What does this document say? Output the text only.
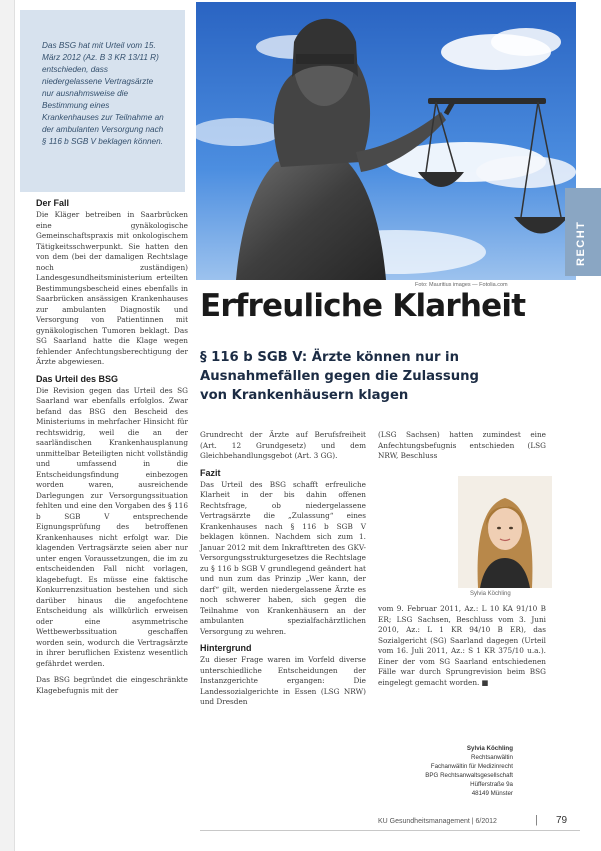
Das BSG hat mit Urteil vom 15. März 2012 (Az. B 3 KR 13/11 R) entschieden, dass niedergelassene Vertragsärzte nur ausnahmsweise die Bestimmung eines Krankenhauses zur Teilnahme an der ambulanten Versorgung nach § 116 b SGB V beklagen können.

Der Fall

Die Kläger betreiben in Saarbrücken eine gynäkologische Gemeinschaftspraxis mit onkologischem Tätigkeitsschwerpunkt. Sie hatten den von dem (bei der damaligen Rechtslage noch zuständigen) Landesgesundheitsministerium erteilten Bestimmungsbescheid eines ebenfalls in Saarbrücken ansässigen Krankenhauses zur ambulanten Diagnostik und Versorgung von Patientinnen mit gynäkologischen Tumoren beklagt. Das SG Saarland hatte die Klage wegen fehlender Anfechtungsberechtigung der Ärzte abgewiesen.

Das Urteil des BSG

Die Revision gegen das Urteil des SG Saarland war ebenfalls erfolglos. Zwar befand das BSG den Bescheid des Ministeriums in mehrfacher Hinsicht für rechtswidrig, weil die an der saarländischen Krankenhausplanung unmittelbar Beteiligten nicht vollständig und umfassend in die Entscheidungsfindung einbezogen worden waren, ausreichende Darlegungen zur Versorgungssituation fehlten und eine den Vorgaben des § 116 b SGB V entsprechende Eignungsprüfung des betroffenen Krankenhauses nicht erfolgt war. Die klagenden Vertragsärzte seien aber nur unter engen Voraussetzungen, die im zu entscheidenden Fall nicht vorlagen, klagebefugt. Es müsse eine faktische Konkurrenzsituation bestehen und sich darüber hinaus die angefochtene Entscheidung als willkürlich erweisen oder eine asymmetrische Wettbewerbssituation geschaffen worden sein, wodurch die Vertragsärzte in ihrer beruflichen Existenz wesentlich gefährdet werden.

Das BSG begründet die eingeschränkte Klagebefugnis mit der

Foto: Mauritius images — Fotolia.com
RECHT
Erfreuliche Klarheit
§ 116 b SGB V: Ärzte können nur in Ausnahmefällen gegen die Zulassung von Krankenhäusern klagen

Grundrecht der Ärzte auf Berufsfreiheit (Art. 12 Grundgesetz) und dem Gleichbehandlungsgebot (Art. 3 GG).

Fazit

Das Urteil des BSG schafft erfreuliche Klarheit in der bis dahin offenen Rechtsfrage, ob niedergelassene Vertragsärzte die „Zulassung“ eines Krankenhauses nach § 116 b SGB V beklagen können. Nachdem sich zum 1. Januar 2012 mit dem Inkrafttreten des GKV-Versorgungsstrukturgesetzes die Rechtslage zu § 116 b SGB V grundlegend geändert hat und nun zum das Prinzip „Wer kann, der darf“ gilt, werden niedergelassene Ärzte es noch schwerer haben, sich gegen die Teilnahme von Krankenhäusern an der ambulanten spezialfachärztlichen Versorgung zu wehren.

Hintergrund

Zu dieser Frage waren im Vorfeld diverse unterschiedliche Entscheidungen der Instanzgerichte ergangen: Die Landessozialgerichte in Essen (LSG NRW) und Dresden

(LSG Sachsen) hatten zumindest eine Anfechtungsbefugnis entschieden (LSG NRW, Beschluss

Sylvia Köchling

vom 9. Februar 2011, Az.: L 10 KA 91/10 B ER; LSG Sachsen, Beschluss vom 3. Juni 2010, Az.: L 1 KR 94/10 B ER), das Sozialgericht (SG) Saarland dagegen (Urteil vom 16. Juli 2011, Az.: S 1 KR 375/10 u.a.). Einer der vom SG Saarland entschiedenen Fälle war durch Sprungrevision beim BSG eingelegt gemacht worden. ■

Sylvia Köchling
Rechtsanwältin
Fachanwältin für Medizinrecht
BPG Rechtsanwaltsgesellschaft
Hüfferstraße 9a
48149 Münster
KU Gesundheitsmanagement | 6/2012	| 79
